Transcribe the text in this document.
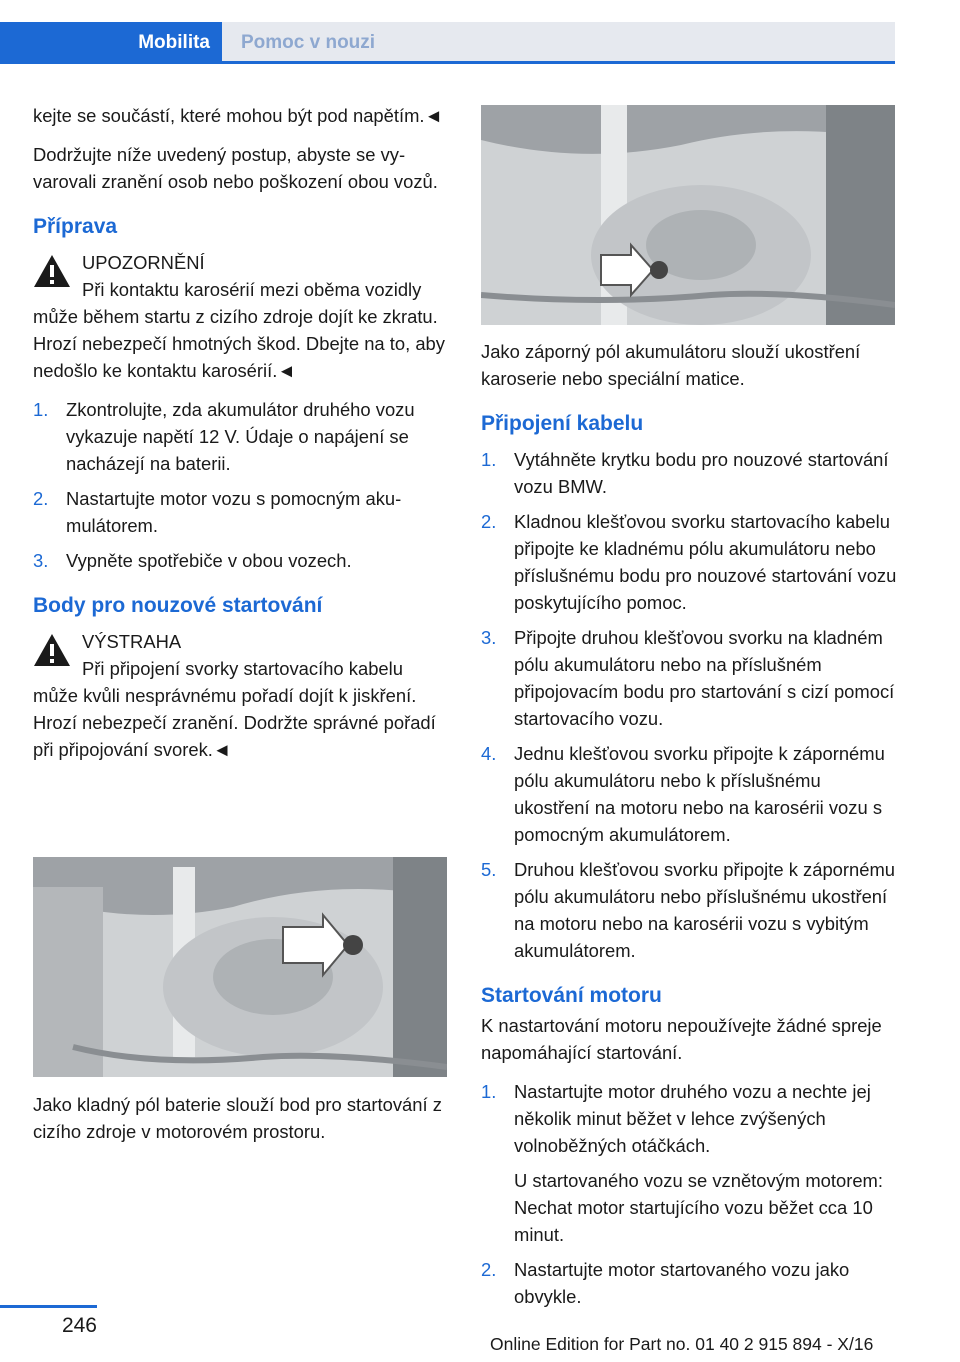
Mobilita Pomoc v nouzi

kejte se součástí, které mohou být pod napětím.◄

Dodržujte níže uvedený postup, abyste se vyvarovali zranění osob nebo poškození obou vozů.

Příprava
UPOZORNĚNÍ

Při kontaktu karosérií mezi oběma vozidly může během startu z cizího zdroje dojít ke zkratu. Hrozí nebezpečí hmotných škod. Dbejte na to, aby nedošlo ke kontaktu karosérií.◄

1. Zkontrolujte, zda akumulátor druhého vozu vykazuje napětí 12 V. Údaje o napájení se nacházejí na baterii.
2. Nastartujte motor vozu s pomocným akumulátorem.
3. Vypněte spotřebiče v obou vozech.
Body pro nouzové startování
VÝSTRAHA

Při připojení svorky startovacího kabelu může kvůli nesprávnému pořadí dojít k jiskření. Hrozí nebezpečí zranění. Dodržte správné pořadí při připojování svorek.◄

Jako kladný pól baterie slouží bod pro startování z cizího zdroje v motorovém prostoru.

Jako záporný pól akumulátoru slouží ukostření karoserie nebo speciální matice.

Připojení kabelu
1. Vytáhněte krytku bodu pro nouzové startování vozu BMW.
2. Kladnou klešťovou svorku startovacího kabelu připojte ke kladnému pólu akumulátoru nebo příslušnému bodu pro nouzové startování vozu poskytujícího pomoc.
3. Připojte druhou klešťovou svorku na kladném pólu akumulátoru nebo na příslušném připojovacím bodu pro startování s cizí pomocí startovacího vozu.
4. Jednu klešťovou svorku připojte k zápornému pólu akumulátoru nebo k příslušnému ukostření na motoru nebo na karosérii vozu s pomocným akumulátorem.
5. Druhou klešťovou svorku připojte k zápornému pólu akumulátoru nebo příslušnému ukostření na motoru nebo na karosérii vozu s vybitým akumulátorem.
Startování motoru

K nastartování motoru nepoužívejte žádné spreje napomáhající startování.

1. Nastartujte motor druhého vozu a nechte jej několik minut běžet v lehce zvýšených volnoběžných otáčkách.
U startovaného vozu se vznětovým motorem: Nechat motor startujícího vozu běžet cca 10 minut.
2. Nastartujte motor startovaného vozu jako obvykle.
246
Online Edition for Part no. 01 40 2 915 894 - X/16
